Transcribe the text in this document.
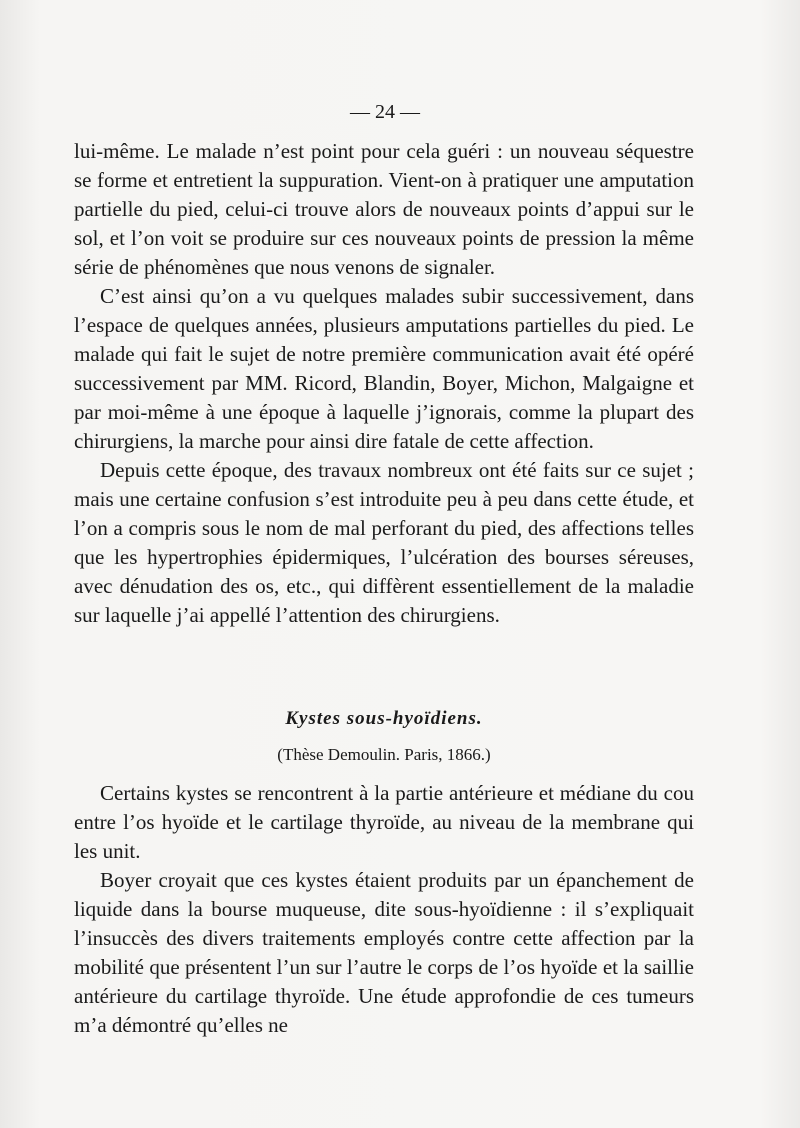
— 24 —

lui-même. Le malade n’est point pour cela guéri : un nouveau séquestre se forme et entretient la suppuration. Vient-on à pratiquer une amputation partielle du pied, celui-ci trouve alors de nouveaux points d’appui sur le sol, et l’on voit se produire sur ces nouveaux points de pression la même série de phénomènes que nous venons de signaler.

C’est ainsi qu’on a vu quelques malades subir successivement, dans l’espace de quelques années, plusieurs amputations partielles du pied. Le malade qui fait le sujet de notre première communication avait été opéré successivement par MM. Ricord, Blandin, Boyer, Michon, Malgaigne et par moi-même à une époque à laquelle j’ignorais, comme la plupart des chirurgiens, la marche pour ainsi dire fatale de cette affection.

Depuis cette époque, des travaux nombreux ont été faits sur ce sujet ; mais une certaine confusion s’est introduite peu à peu dans cette étude, et l’on a compris sous le nom de mal perforant du pied, des affections telles que les hypertrophies épidermiques, l’ulcération des bourses séreuses, avec dénudation des os, etc., qui diffèrent essentiellement de la maladie sur laquelle j’ai appellé l’attention des chirurgiens.

Kystes sous-hyoïdiens.
(Thèse Demoulin. Paris, 1866.)

Certains kystes se rencontrent à la partie antérieure et médiane du cou entre l’os hyoïde et le cartilage thyroïde, au niveau de la membrane qui les unit.

Boyer croyait que ces kystes étaient produits par un épanchement de liquide dans la bourse muqueuse, dite sous-hyoïdienne : il s’expliquait l’insuccès des divers traitements employés contre cette affection par la mobilité que présentent l’un sur l’autre le corps de l’os hyoïde et la saillie antérieure du cartilage thyroïde. Une étude approfondie de ces tumeurs m’a démontré qu’elles ne
